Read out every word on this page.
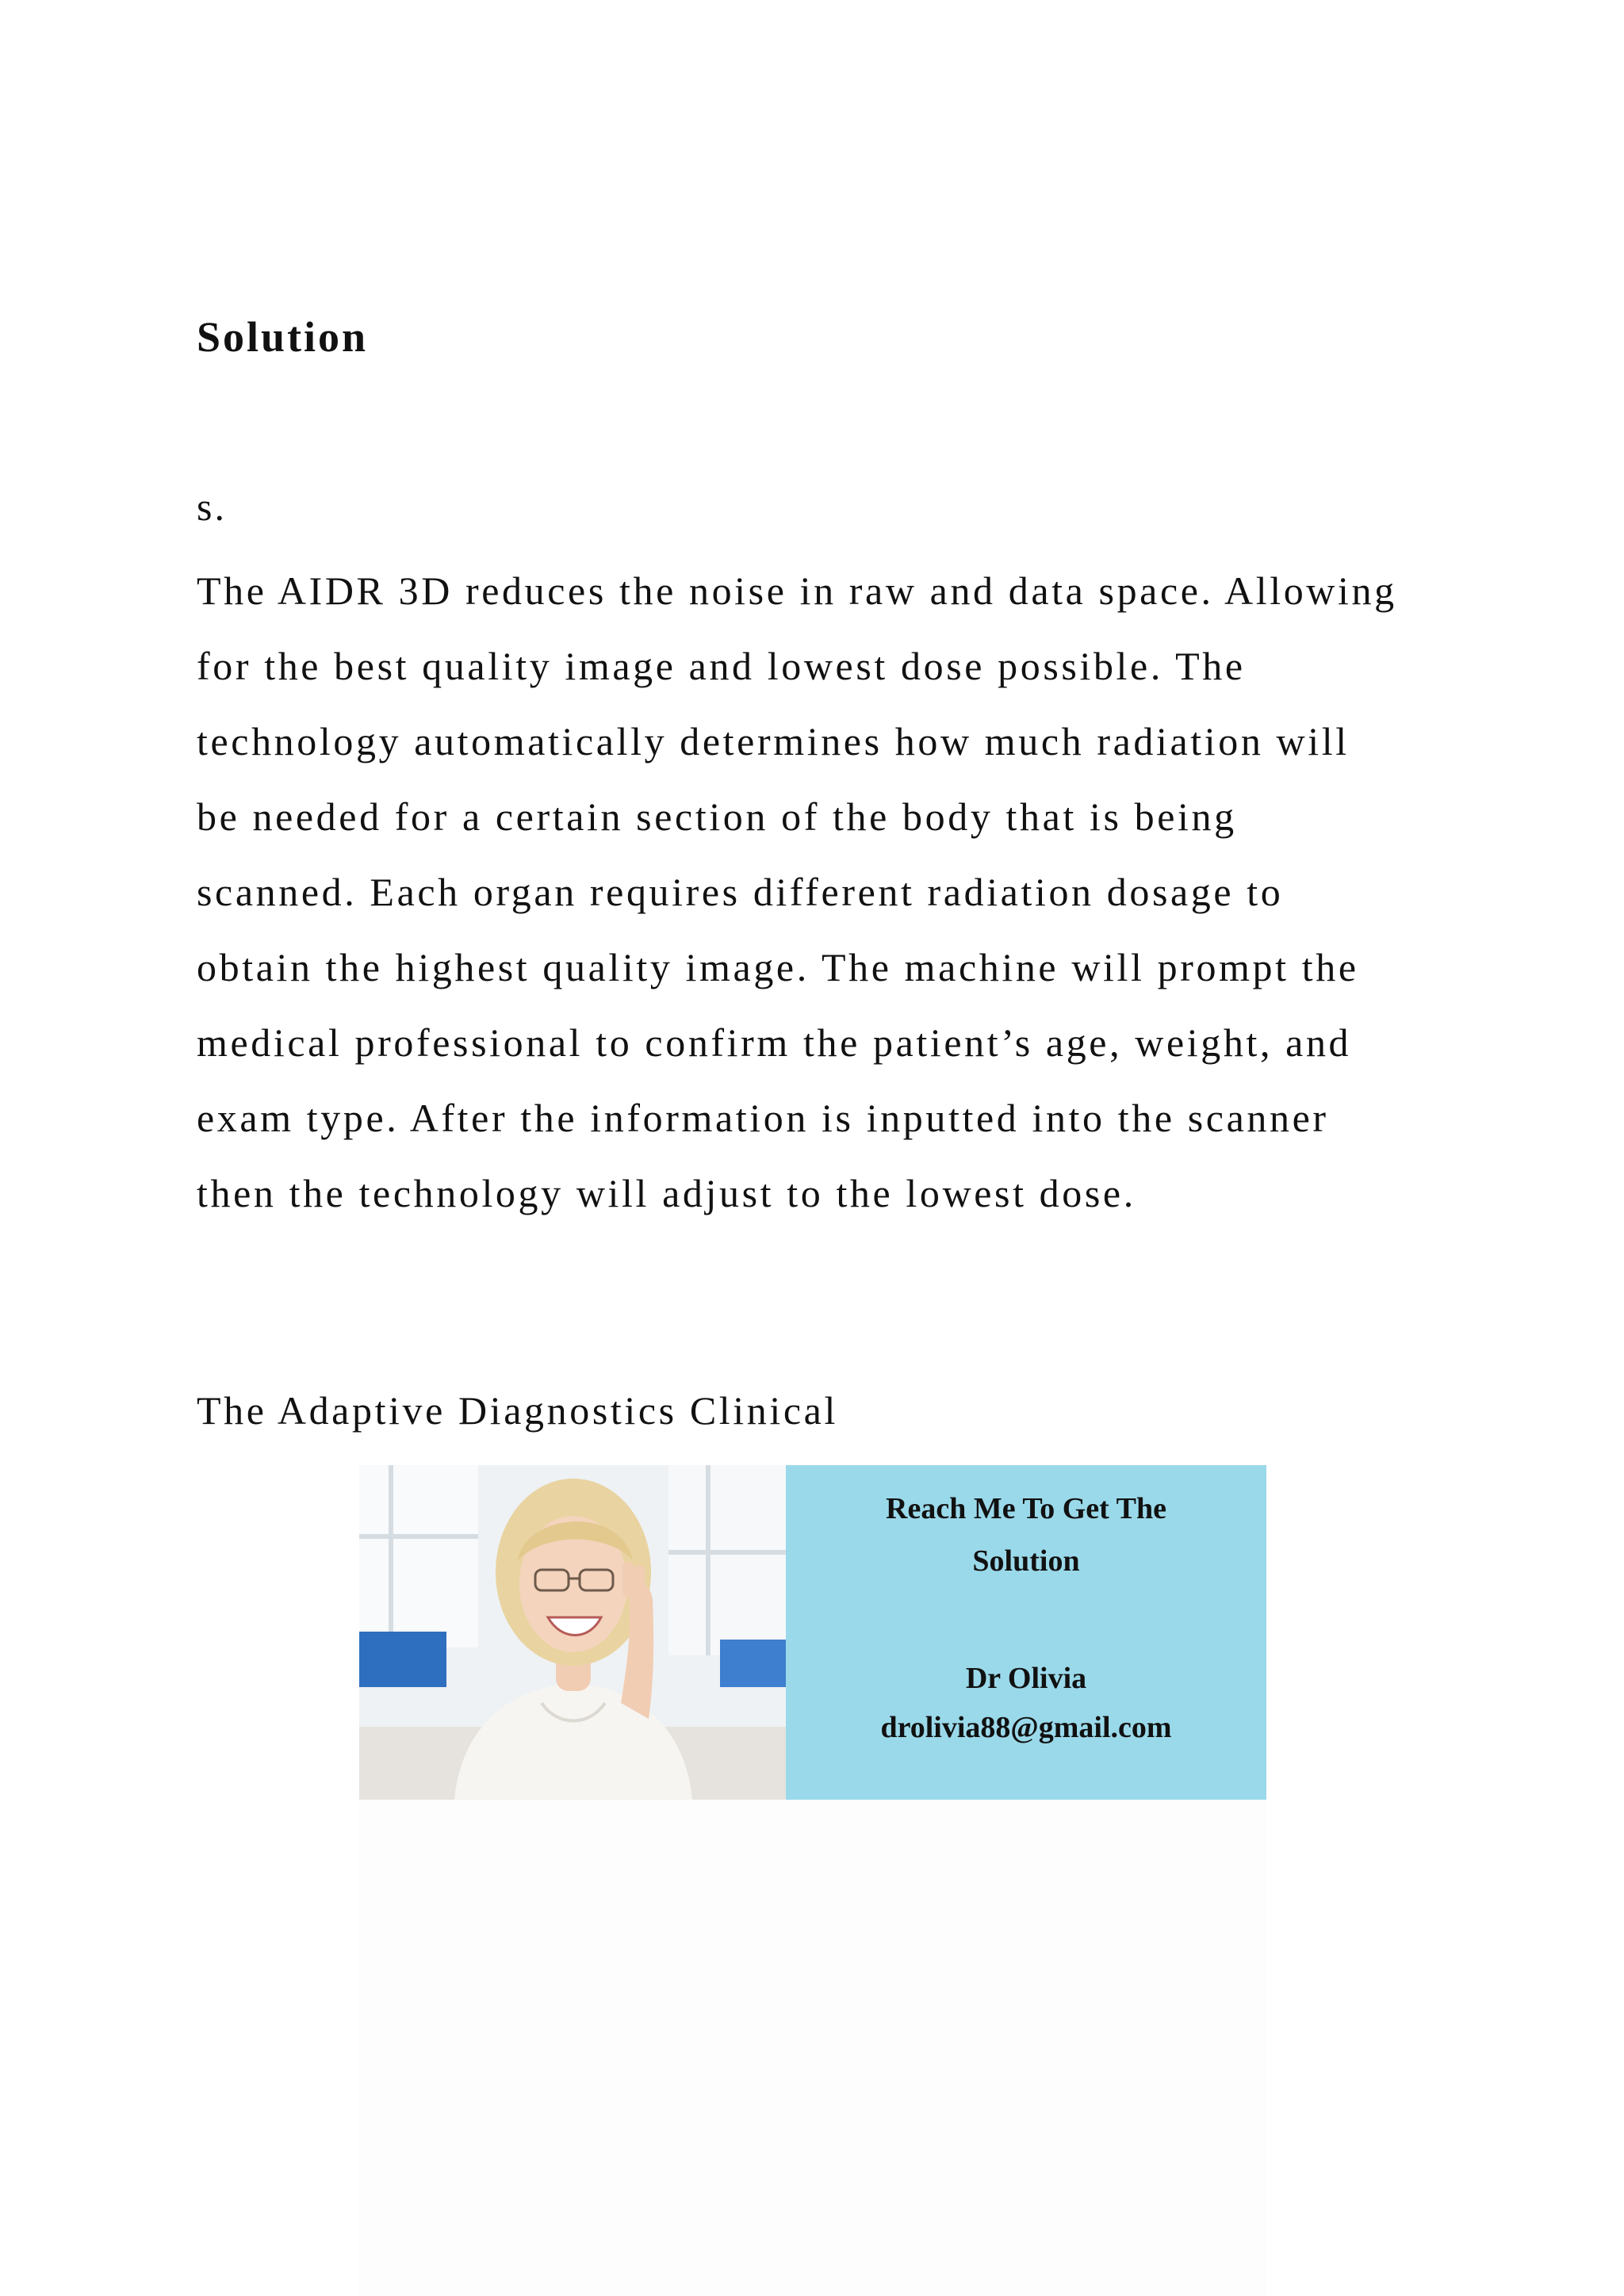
Solution

s.

The AIDR 3D reduces the noise in raw and data space. Allowing

for the best quality image and lowest dose possible. The

technology automatically determines how much radiation will

be needed for a certain section of the body that is being

scanned. Each organ requires different radiation dosage to

obtain the highest quality image. The machine will prompt the

medical professional to confirm the patient’s age, weight, and

exam type. After the information is inputted into the scanner

then the technology will adjust to the lowest dose.

The Adaptive Diagnostics Clinical

Reach Me To Get The
Solution
Dr Olivia
drolivia88@gmail.com
